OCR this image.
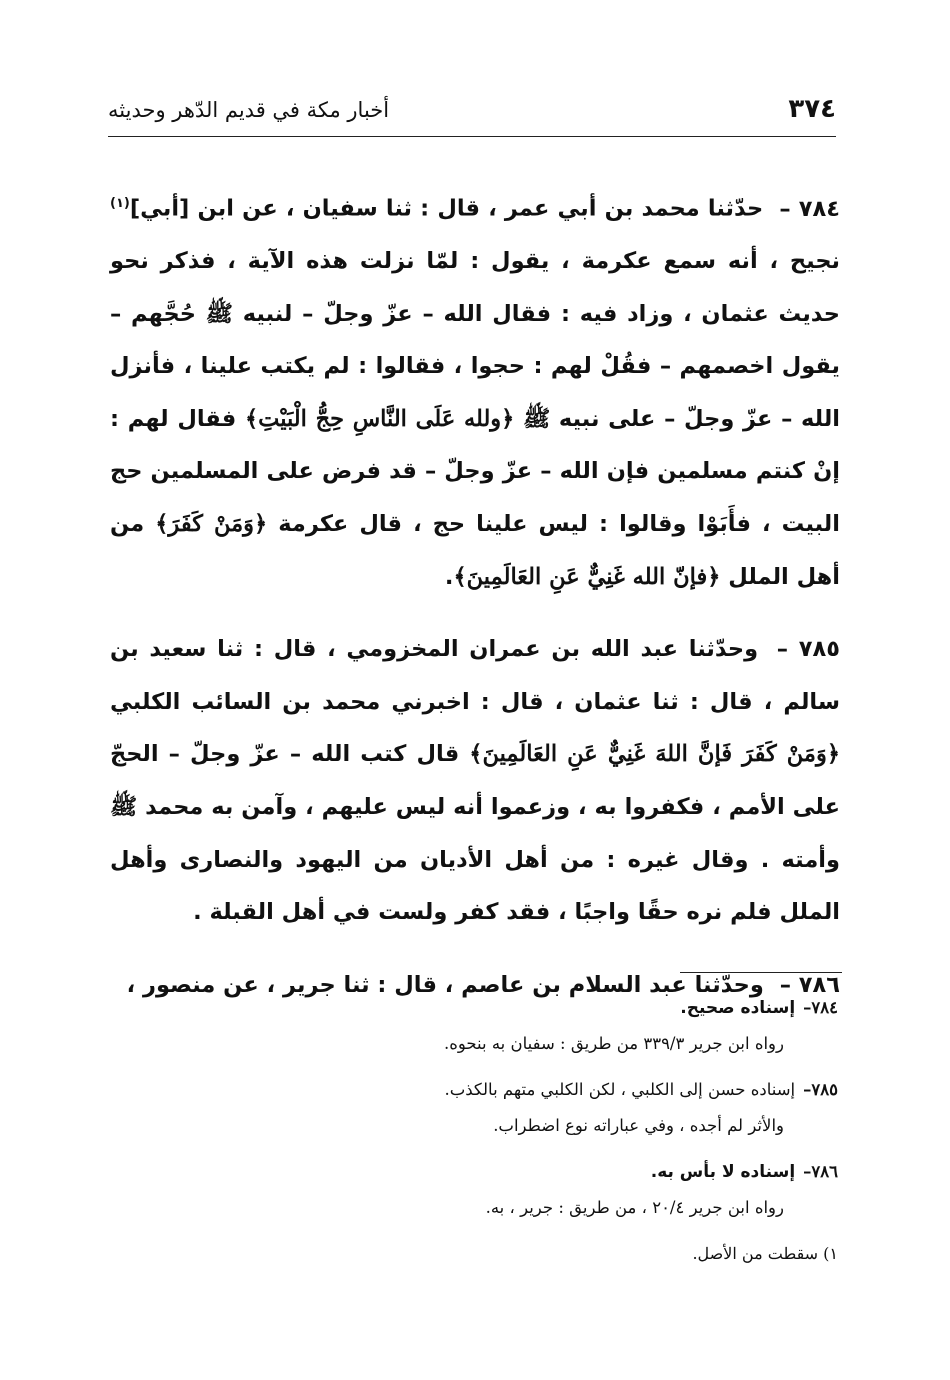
٣٧٤
أخبار مكة في قديم الدّهر وحديثه

٧٨٤ – حدّثنا محمد بن أبي عمر ، قال : ثنا سفيان ، عن ابن [أبي]$^{(١)}$ نجيح ، أنه سمع عكرمة ، يقول : لمّا نزلت هذه الآية ، فذكر نحو حديث عثمان ، وزاد فيه : فقال الله – عزّ وجلّ – لنبيه ﷺ حُجَّهم – يقول اخصمهم – فقُلْ لهم : حجوا ، فقالوا : لم يكتب علينا ، فأنزل الله – عزّ وجلّ – على نبيه ﷺ ﴿ولله عَلَى النَّاسِ حِجُّ الْبَيْتِ﴾ فقال لهم : إنْ كنتم مسلمين فإن الله – عزّ وجلّ – قد فرض على المسلمين حج البيت ، فأَبَوْا وقالوا : ليس علينا حج ، قال عكرمة ﴿وَمَنْ كَفَرَ﴾ من أهل الملل ﴿فإنّ الله غَنِيٌّ عَنِ العَالَمِينَ﴾.

٧٨٥ – وحدّثنا عبد الله بن عمران المخزومي ، قال : ثنا سعيد بن سالم ، قال : ثنا عثمان ، قال : اخبرني محمد بن السائب الكلبي ﴿وَمَنْ كَفَرَ فَإنَّ اللهَ غَنِيٌّ عَنِ العَالَمِينَ﴾ قال كتب الله – عزّ وجلّ – الحجّ على الأمم ، فكفروا به ، وزعموا أنه ليس عليهم ، وآمن به محمد ﷺ وأمته . وقال غيره : من أهل الأديان من اليهود والنصارى وأهل الملل فلم نره حقًا واجبًا ، فقد كفر ولست في أهل القبلة .

٧٨٦ – وحدّثنا عبد السلام بن عاصم ، قال : ثنا جرير ، عن منصور ،

٧٨٤–إسناده صحيح.
رواه ابن جرير ٣٣٩/٣ من طريق : سفيان به بنحوه.
٧٨٥–إسناده حسن إلى الكلبي ، لكن الكلبي متهم بالكذب.
والأثر لم أجده ، وفي عباراته نوع اضطراب.
٧٨٦–إسناده لا بأس به.
رواه ابن جرير ٢٠/٤ ، من طريق : جرير ، به.
١) سقطت من الأصل.
